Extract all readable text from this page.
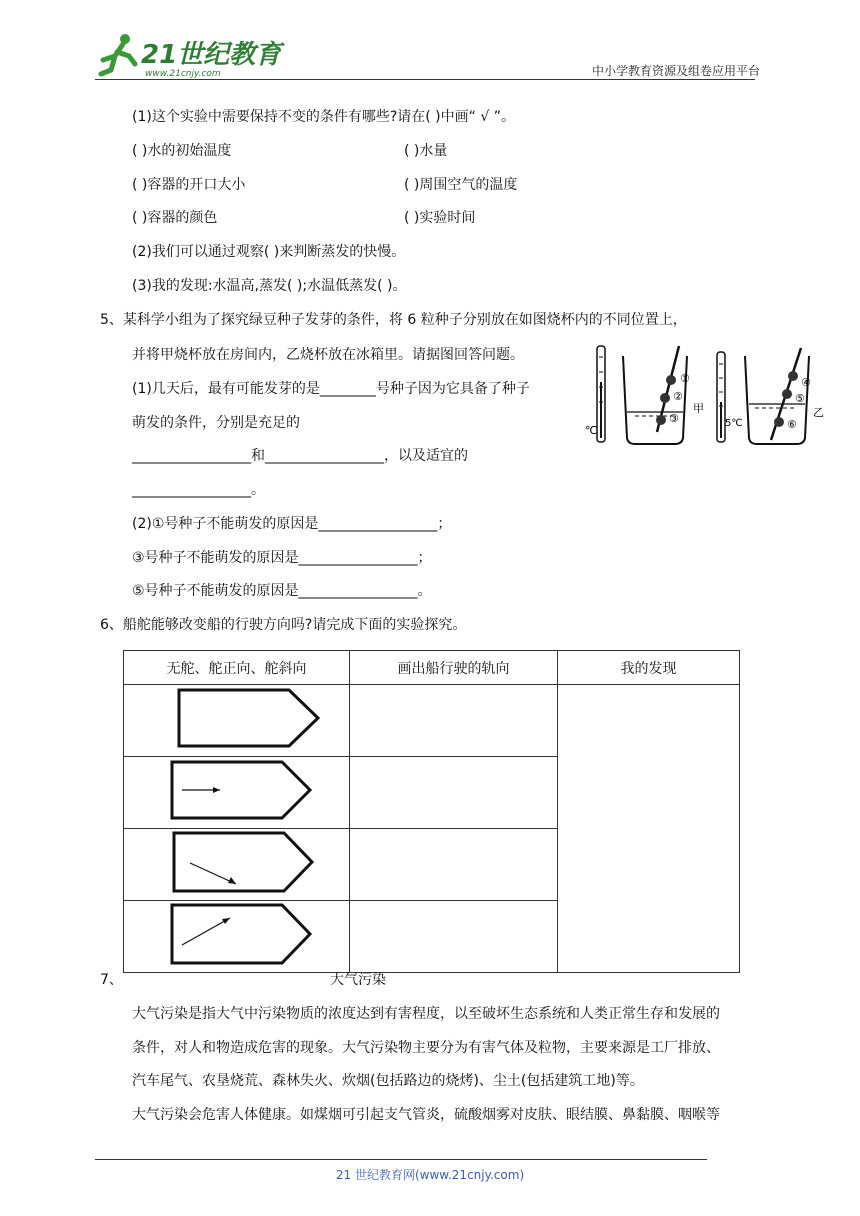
21世纪教育
www.21cnjy.com	中小学教育资源及组卷应用平台
(1)这个实验中需要保持不变的条件有哪些?请在( )中画“ √ ”。
( )水的初始温度	( )水量
( )容器的开口大小	( )周围空气的温度
( )容器的颜色	( )实验时间
(2)我们可以通过观察( )来判断蒸发的快慢。
(3)我的发现:水温高,蒸发( );水温低蒸发( )。
5、某科学小组为了探究绿豆种子发芽的条件，将 6 粒种子分别放在如图烧杯内的不同位置上，
并将甲烧杯放在房间内，乙烧杯放在冰箱里。请据图回答问题。
(1)几天后，最有可能发芽的是________号种子因为它具备了种子
萌发的条件，分别是充足的
_________________和_________________，以及适宜的
_________________。
(2)①号种子不能萌发的原因是_________________；
③号种子不能萌发的原因是_________________；
⑤号种子不能萌发的原因是_________________。
℃
①
②
③
甲
5℃
④
⑤
⑥
乙
6、船舵能够改变船的行驶方向吗?请完成下面的实验探究。
无舵、舵正向、舵斜向	画出船行驶的轨向	我的发现

7、	大气污染
大气污染是指大气中污染物质的浓度达到有害程度，以至破坏生态系统和人类正常生存和发展的
条件，对人和物造成危害的现象。大气污染物主要分为有害气体及粒物，主要来源是工厂排放、
汽车尾气、农垦烧荒、森林失火、炊烟(包括路边的烧烤)、尘土(包括建筑工地)等。
大气污染会危害人体健康。如煤烟可引起支气管炎，硫酸烟雾对皮肤、眼结膜、鼻黏膜、咽喉等
21 世纪教育网(www.21cnjy.com)
